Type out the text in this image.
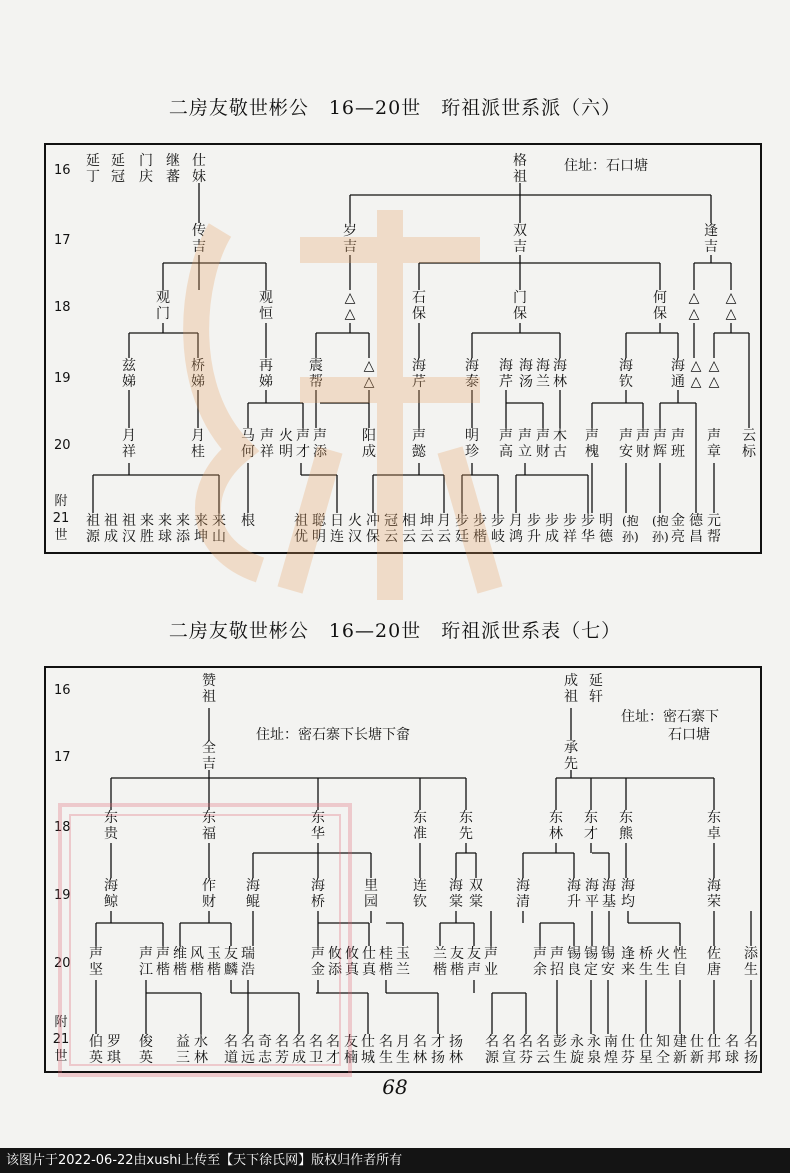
二房友敬世彬公　16—20世　珩祖派世系派（六）
16
17
18
19
20
附
21
世
住址：石口塘
延丁
延冠
门庆
继蕃
仕妹
格祖
传吉
岁吉
双吉
逢吉
观门
观恒
△△
石保
门保
何保
△△
△△
兹娣
桥娣
再娣
震帮
△△
海芹
海泰
海芹
海汤
海兰
海林
海钦
海通
△△
△△
月祥
月桂
马何
声祥
火明
声才
声添
阳成
声懿
明珍
声高
声立
声财
木古
声槐
声安
声财
声辉
声班
声章
云标
祖源
祖成
祖汉
来胜
来球
来添
来坤
来山
根	祖优
聪明
日连
火汉
冲保
冠云
相云
坤云
月云
步廷
步楷
步岐
月鸿
步升
步成
步祥
步华
明德
(抱孙)
(抱孙)
金亮
德昌
元帮
二房友敬世彬公　16—20世　珩祖派世系表（七）
16
17
18
19
20
附
21
世
住址：密石寨下长塘下畲
住址：密石寨下
石口塘
赞祖
成祖
延轩
全吉
承先
东贵
东福
东华
东准
东先
东林
东才
东熊
东卓
海鲸
作财
海鲲
海桥
里园
连钦
海棠
双棠
海清
海升
海平
海基
海均
海荣
声坚
声江
声楷
维楷
风楷
玉楷
友麟
瑞浩
声金
攸添
攸真
仕真
桂楷
玉兰
兰楷
友楷
友声
声业
声余
声招
锡良
锡定
锡安
逢来
桥生
火生
性自
佐唐
添生
伯英
罗琪
俊英
益三
水林
名道
名远
奇志
名芳
名成
名卫
名才
友楠
仕城
名生
月生
名林
才扬
扬林
名源
名宣
名芬
名云
彭生
永旋
永泉
南煌
仕芬
仕星
知仝
建新
仕新
仕邦
名球
名扬
68
该图片于2022-06-22由xushi上传至【天下徐氏网】版权归作者所有
